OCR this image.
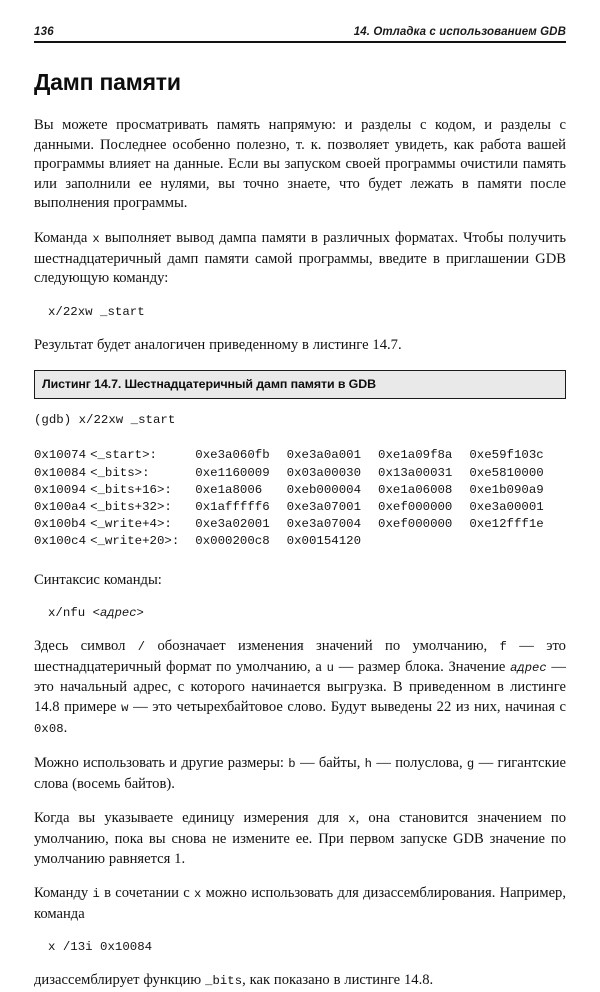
136	14. Отладка с использованием GDB
Дамп памяти

Вы можете просматривать память напрямую: и разделы с кодом, и разделы с данными. Последнее особенно полезно, т. к. позволяет увидеть, как работа вашей программы влияет на данные. Если вы запуском своей программы очистили память или заполнили ее нулями, вы точно знаете, что будет лежать в памяти после выполнения программы.

Команда x выполняет вывод дампа памяти в различных форматах. Чтобы получить шестнадцатеричный дамп памяти самой программы, введите в приглашении GDB следующую команду:

x/22xw _start

Результат будет аналогичен приведенному в листинге 14.7.

Листинг 14.7. Шестнадцатеричный дамп памяти в GDB
(gdb) x/22xw _start
0x10074	<_start>:	0xe3a060fb	0xe3a0a001	0xe1a09f8a	0xe59f103c
0x10084	<_bits>:	0xe1160009	0x03a00030	0x13a00031	0xe5810000
0x10094	<_bits+16>:	0xe1a8006	0xeb000004	0xe1a06008	0xe1b090a9
0x100a4	<_bits+32>:	0x1afffff6	0xe3a07001	0xef000000	0xe3a00001
0x100b4	<_write+4>:	0xe3a02001	0xe3a07004	0xef000000	0xe12fff1e
0x100c4	<_write+20>:	0x000200c8	0x00154120		

Синтаксис команды:

x/nfu <адрес>

Здесь символ / обозначает изменения значений по умолчанию, f — это шестнадцатеричный формат по умолчанию, а u — размер блока. Значение адрес — это начальный адрес, с которого начинается выгрузка. В приведенном в листинге 14.8 примере w — это четырехбайтовое слово. Будут выведены 22 из них, начиная с 0x08.

Можно использовать и другие размеры: b — байты, h — полуслова, g — гигантские слова (восемь байтов).

Когда вы указываете единицу измерения для x, она становится значением по умолчанию, пока вы снова не измените ее. При первом запуске GDB значение по умолчанию равняется 1.

Команду i в сочетании с x можно использовать для дизассемблирования. Например, команда

x /13i 0x10084

дизассемблирует функцию _bits, как показано в листинге 14.8.
